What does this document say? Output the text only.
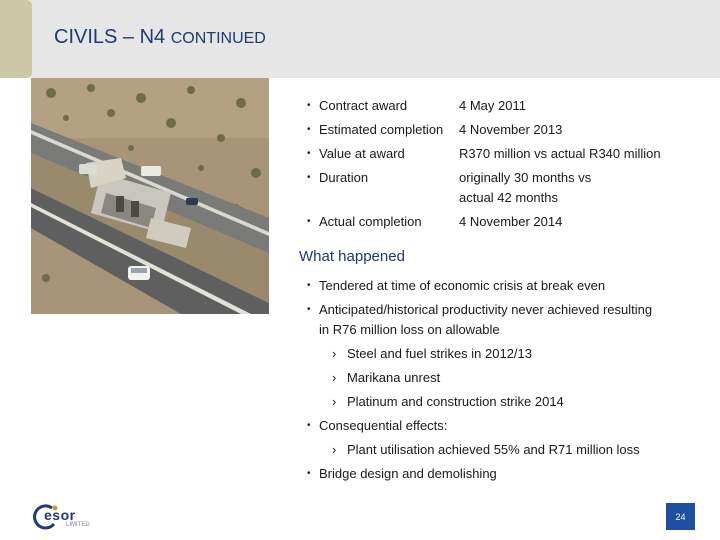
CIVILS – N4 CONTINUED
• Contract award	4 May 2011
• Estimated completion	4 November 2013
• Value at award	R370 million vs actual R340 million
• Duration	originally 30 months vs
actual 42 months
• Actual completion	4 November 2014
What happened
• Tendered at time of economic crisis at break even
• Anticipated/historical productivity never achieved resulting
in R76 million loss on allowable
› Steel and fuel strikes in 2012/13
› Marikana unrest
› Platinum and construction strike 2014
• Consequential effects:
› Plant utilisation achieved 55% and R71 million loss
• Bridge design and demolishing
esor
LIMITED
24
